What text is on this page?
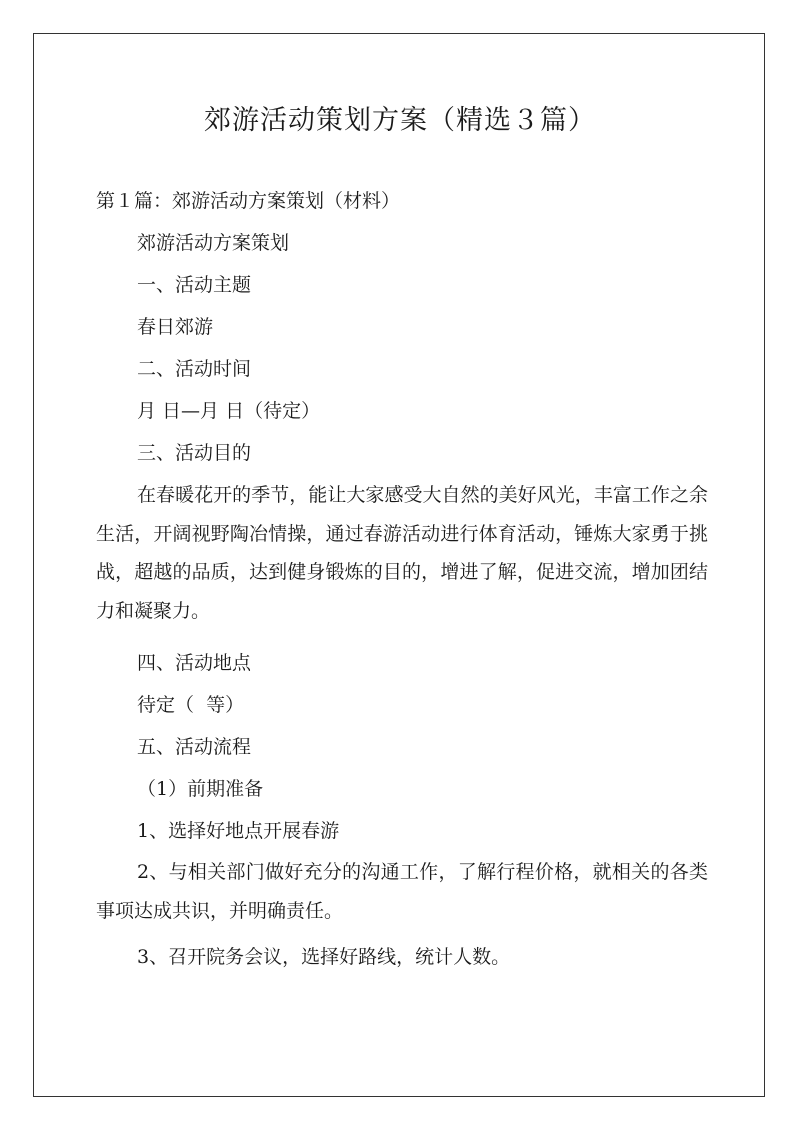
郊游活动策划方案（精选３篇）
第１篇：郊游活动方案策划（材料）
郊游活动方案策划
一、活动主题
春日郊游
二、活动时间
月 日—月 日（待定）
三、活动目的
在春暖花开的季节，能让大家感受大自然的美好风光，丰富工作之余生活，开阔视野陶冶情操，通过春游活动进行体育活动，锤炼大家勇于挑战，超越的品质，达到健身锻炼的目的，增进了解，促进交流，增加团结力和凝聚力。
四、活动地点
待定（  等）
五、活动流程
（1）前期准备
1、选择好地点开展春游
2、与相关部门做好充分的沟通工作，了解行程价格，就相关的各类事项达成共识，并明确责任。
3、召开院务会议，选择好路线，统计人数。
